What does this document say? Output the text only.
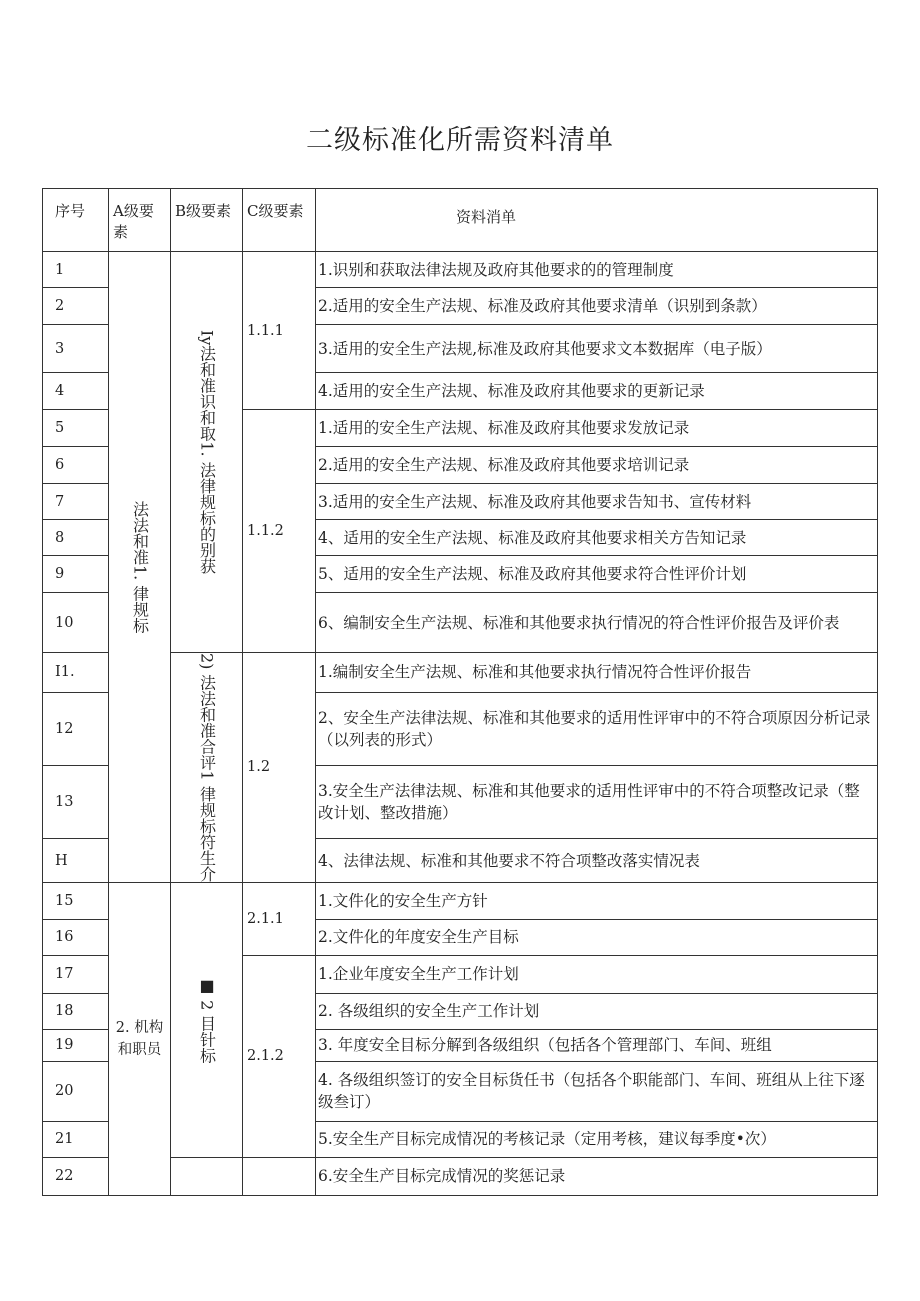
二级标准化所需资料清单
序号	A级要素	B级要素	C级要素	资料消单
1	法法和准1. 律规标	Iy法和准识和取1. 法律规标的别获	1.1.1	1.识别和获取法律法规及政府其他要求的的管理制度
2				2.适用的安全生产法规、标准及政府其他要求清单（识别到条款）
3				3.适用的安全生产法规,标准及政府其他要求文本数据库（电子版）
4				4.适用的安全生产法规、标准及政府其他要求的更新记录
5			1.1.2	1.适用的安全生产法规、标准及政府其他要求发放记录
6				2.适用的安全生产法规、标准及政府其他要求培训记录
7				3.适用的安全生产法规、标准及政府其他要求告知书、宣传材料
8				4、适用的安全生产法规、标准及政府其他要求相关方告知记录
9				5、适用的安全生产法规、标准及政府其他要求符合性评价计划
10				6、编制安全生产法规、标准和其他要求执行情况的符合性评价报告及评价表
I1.		2) 法法和准合评1 律规标符生介	1.2	1.编制安全生产法规、标准和其他要求执行情况符合性评价报告
12				2、安全生产法律法规、标准和其他要求的适用性评审中的不符合项原因分析记录（以列表的形式）
13				3.安全生产法律法规、标准和其他要求的适用性评审中的不符合项整改记录（整改计划、整改措施）
H				4、法律法规、标准和其他要求不符合项整改落实情况表
15	2. 机构和职员	■ 2 目针标	2.1.1	1.文件化的安全生产方针
16				2.文件化的年度安全生产目标
17			2.1.2	1.企业年度安全生产工作计划
18				2. 各级组织的安全生产工作计划
19				3. 年度安全目标分解到各级组织（包括各个管理部门、车间、班组
20				4. 各级组织签订的安全目标货任书（包括各个职能部门、车间、班组从上往下逐级叁订）
21				5.安全生产目标完成情况的考核记录（定用考核，建议每季度•次）
22				6.安全生产目标完成情况的奖惩记录
